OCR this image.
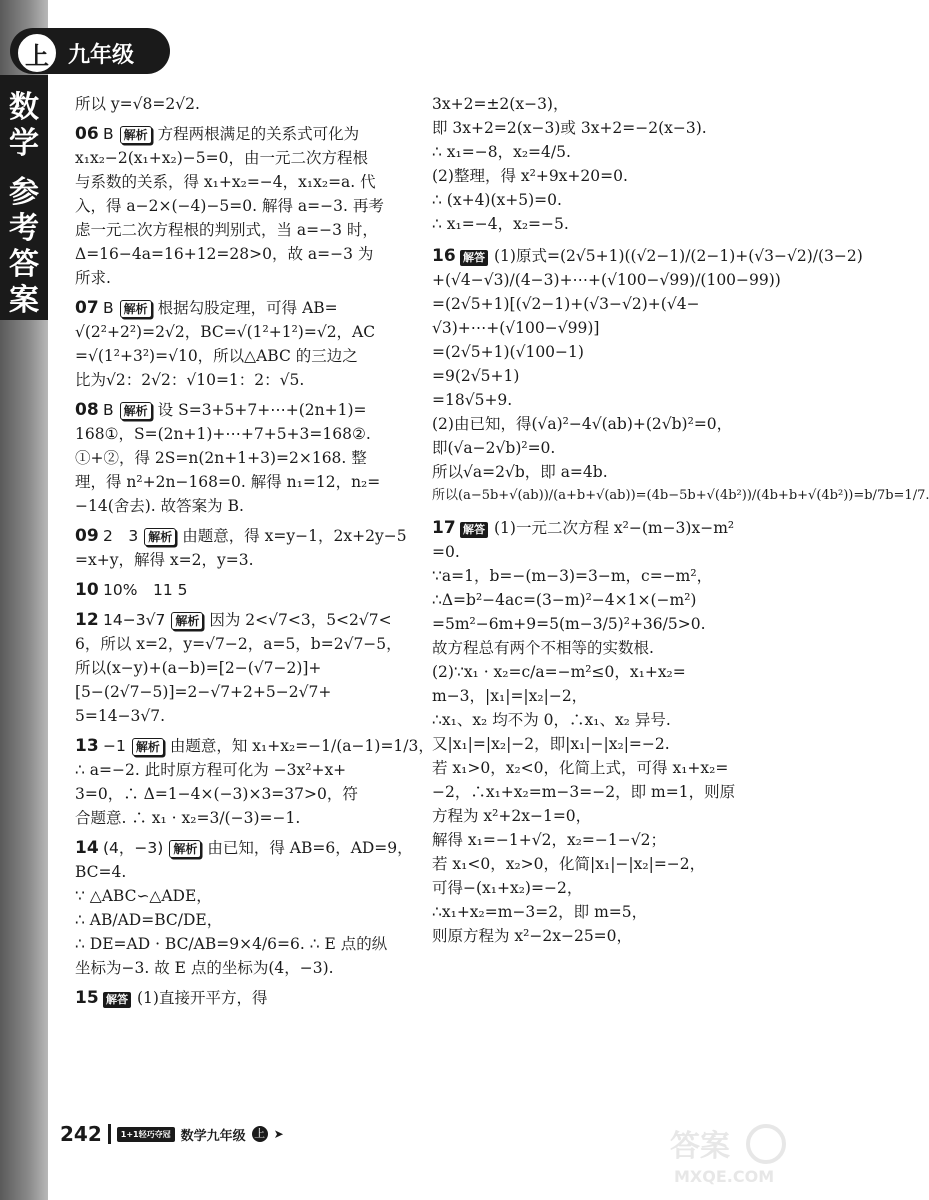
上 九年级
数学
参考答案
所以 y=√8=2√2.
06 B 解析 方程两根满足的关系式可化为
x₁x₂−2(x₁+x₂)−5=0，由一元二次方程根
与系数的关系，得 x₁+x₂=−4，x₁x₂=a. 代
入，得 a−2×(−4)−5=0. 解得 a=−3. 再考
虑一元二次方程根的判别式，当 a=−3 时，
Δ=16−4a=16+12=28>0，故 a=−3 为
所求.
07 B 解析 根据勾股定理，可得 AB=
√(2²+2²)=2√2，BC=√(1²+1²)=√2，AC
=√(1²+3²)=√10，所以△ABC 的三边之
比为√2：2√2：√10=1：2：√5.
08 B 解析 设 S=3+5+7+⋯+(2n+1)=
168①，S=(2n+1)+⋯+7+5+3=168②.
①+②，得 2S=n(2n+1+3)=2×168. 整
理，得 n²+2n−168=0. 解得 n₁=12，n₂=
−14(舍去). 故答案为 B.
09 2　3 解析 由题意，得 x=y−1，2x+2y−5
=x+y，解得 x=2，y=3.
10 10%　11 5
12 14−3√7 解析 因为 2<√7<3，5<2√7<
6，所以 x=2，y=√7−2，a=5，b=2√7−5，
所以(x−y)+(a−b)=[2−(√7−2)]+
[5−(2√7−5)]=2−√7+2+5−2√7+
5=14−3√7.
13 −1 解析 由题意，知 x₁+x₂=−1/(a−1)=1/3，
∴ a=−2. 此时原方程可化为 −3x²+x+
3=0，∴ Δ=1−4×(−3)×3=37>0，符
合题意. ∴ x₁ · x₂=3/(−3)=−1.
14 (4，−3) 解析 由已知，得 AB=6，AD=9，
BC=4.
∵ △ABC∽△ADE，
∴ AB/AD=BC/DE，
∴ DE=AD · BC/AB=9×4/6=6. ∴ E 点的纵
坐标为−3. 故 E 点的坐标为(4，−3).
15 解答 (1)直接开平方，得
3x+2=±2(x−3)，
即 3x+2=2(x−3)或 3x+2=−2(x−3).
∴ x₁=−8，x₂=4/5.
(2)整理，得 x²+9x+20=0.
∴ (x+4)(x+5)=0.
∴ x₁=−4，x₂=−5.
16 解答 (1)原式=(2√5+1)((√2−1)/(2−1)+(√3−√2)/(3−2)
+(√4−√3)/(4−3)+⋯+(√100−√99)/(100−99))
=(2√5+1)[(√2−1)+(√3−√2)+(√4−
√3)+⋯+(√100−√99)]
=(2√5+1)(√100−1)
=9(2√5+1)
=18√5+9.
(2)由已知，得(√a)²−4√(ab)+(2√b)²=0，
即(√a−2√b)²=0.
所以√a=2√b，即 a=4b.
所以(a−5b+√(ab))/(a+b+√(ab))=(4b−5b+√(4b²))/(4b+b+√(4b²))=b/7b=1/7.
17 解答 (1)一元二次方程 x²−(m−3)x−m²
=0.
∵a=1，b=−(m−3)=3−m，c=−m²，
∴Δ=b²−4ac=(3−m)²−4×1×(−m²)
=5m²−6m+9=5(m−3/5)²+36/5>0.
故方程总有两个不相等的实数根.
(2)∵x₁ · x₂=c/a=−m²≤0，x₁+x₂=
m−3，|x₁|=|x₂|−2，
∴x₁、x₂ 均不为 0，∴x₁、x₂ 异号.
又|x₁|=|x₂|−2，即|x₁|−|x₂|=−2.
若 x₁>0，x₂<0，化简上式，可得 x₁+x₂=
−2，∴x₁+x₂=m−3=−2，即 m=1，则原
方程为 x²+2x−1=0，
解得 x₁=−1+√2，x₂=−1−√2；
若 x₁<0，x₂>0，化简|x₁|−|x₂|=−2，
可得−(x₁+x₂)=−2，
∴x₁+x₂=m−3=2，即 m=5，
则原方程为 x²−2x−25=0，
242	1+1轻巧夺冠 数学九年级 上 ➤	答案
MXQE.COM
